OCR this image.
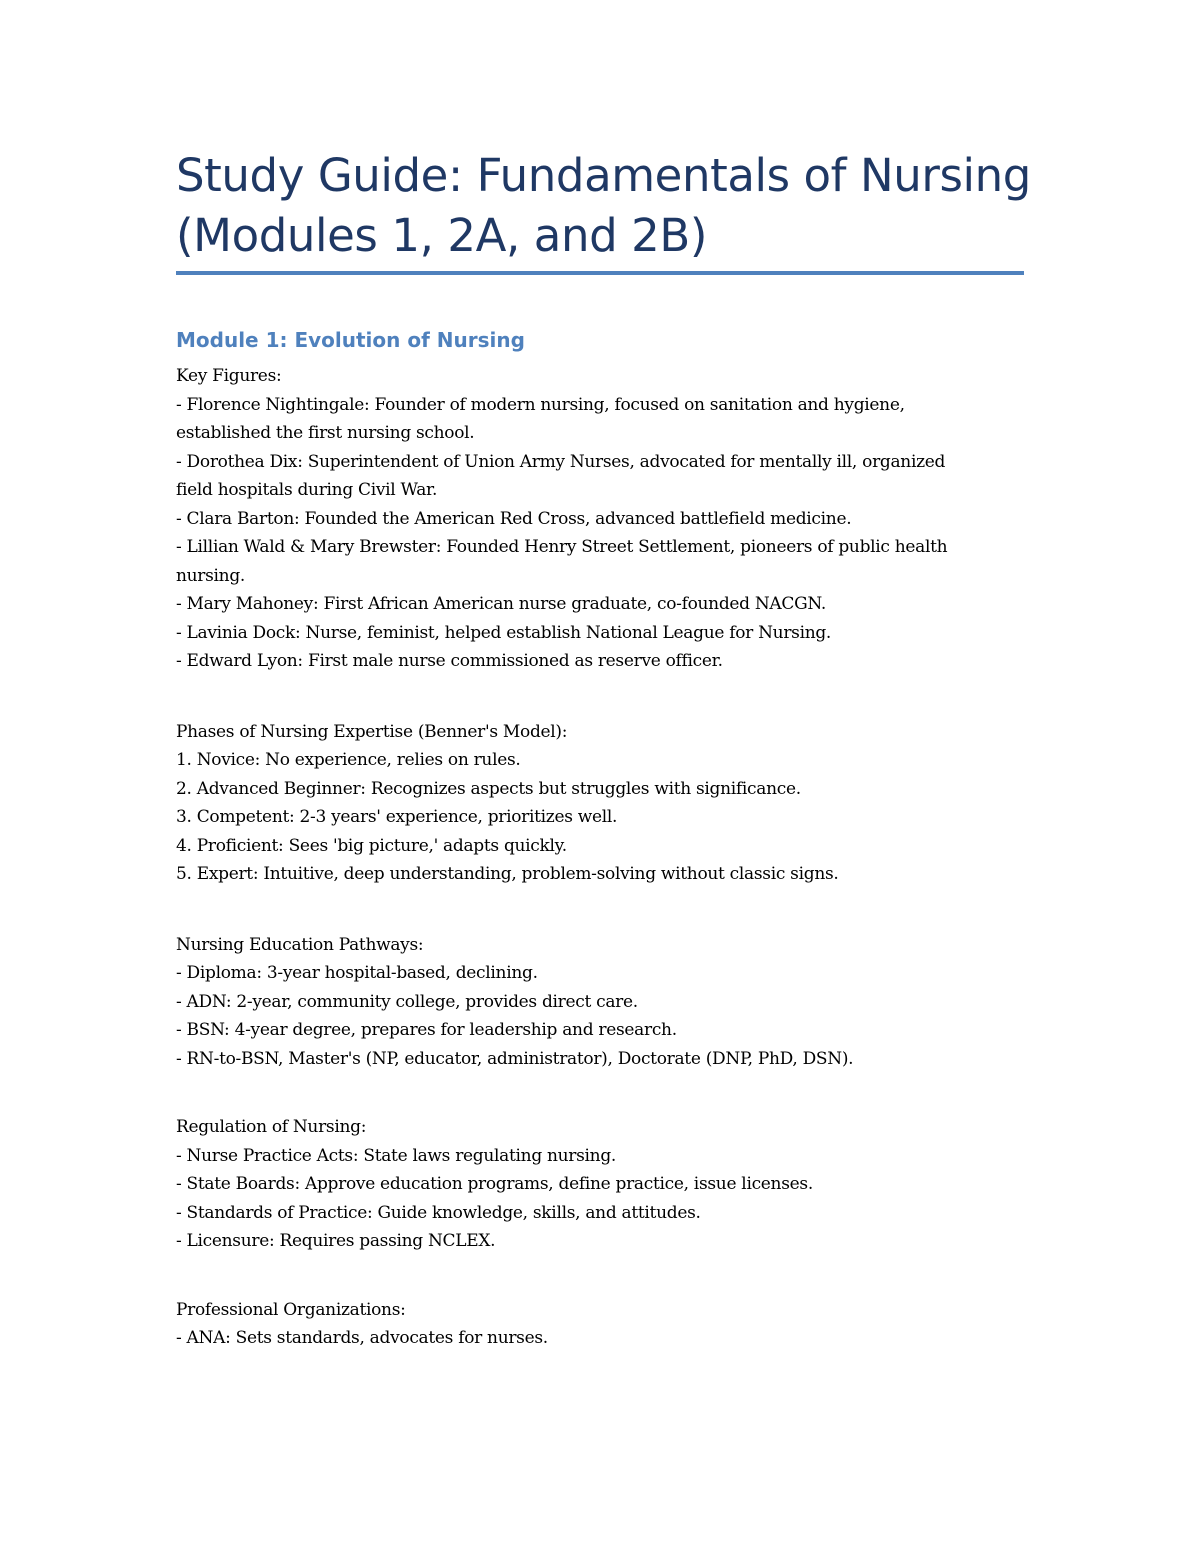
Study Guide: Fundamentals of Nursing
(Modules 1, 2A, and 2B)
Module 1: Evolution of Nursing
Key Figures:
- Florence Nightingale: Founder of modern nursing, focused on sanitation and hygiene,
established the first nursing school.
- Dorothea Dix: Superintendent of Union Army Nurses, advocated for mentally ill, organized
field hospitals during Civil War.
- Clara Barton: Founded the American Red Cross, advanced battlefield medicine.
- Lillian Wald & Mary Brewster: Founded Henry Street Settlement, pioneers of public health
nursing.
- Mary Mahoney: First African American nurse graduate, co-founded NACGN.
- Lavinia Dock: Nurse, feminist, helped establish National League for Nursing.
- Edward Lyon: First male nurse commissioned as reserve officer.
Phases of Nursing Expertise (Benner's Model):
1. Novice: No experience, relies on rules.
2. Advanced Beginner: Recognizes aspects but struggles with significance.
3. Competent: 2-3 years' experience, prioritizes well.
4. Proficient: Sees 'big picture,' adapts quickly.
5. Expert: Intuitive, deep understanding, problem-solving without classic signs.
Nursing Education Pathways:
- Diploma: 3-year hospital-based, declining.
- ADN: 2-year, community college, provides direct care.
- BSN: 4-year degree, prepares for leadership and research.
- RN-to-BSN, Master's (NP, educator, administrator), Doctorate (DNP, PhD, DSN).
Regulation of Nursing:
- Nurse Practice Acts: State laws regulating nursing.
- State Boards: Approve education programs, define practice, issue licenses.
- Standards of Practice: Guide knowledge, skills, and attitudes.
- Licensure: Requires passing NCLEX.
Professional Organizations:
- ANA: Sets standards, advocates for nurses.
